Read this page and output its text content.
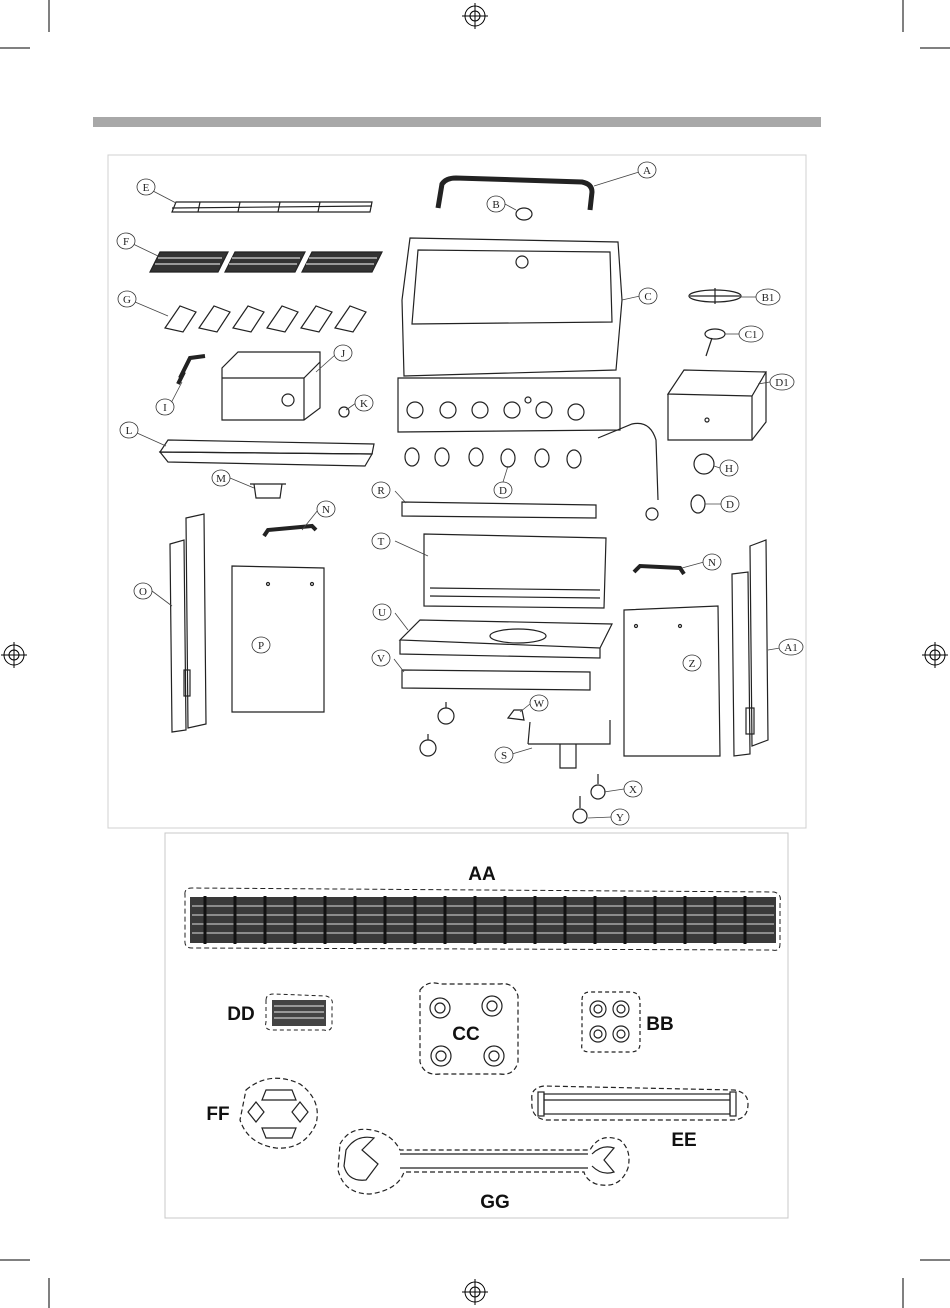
A
B
C	B1
C1
D1
E
F
G
I
J
K
L
M
D
H
D
R
T
U
V
W
S
N
N
O
P
Z
A1
X
Y
AA
DD
CC	BB
FF
EE
GG
